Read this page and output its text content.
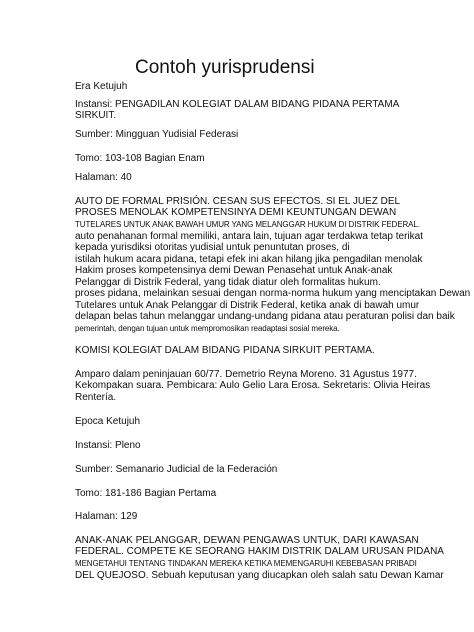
Contoh yurisprudensi
Era Ketujuh
Instansi: PENGADILAN KOLEGIAT DALAM BIDANG PIDANA PERTAMA
SIRKUIT.
Sumber: Mingguan Yudisial Federasi
Tomo: 103-108 Bagian Enam
Halaman: 40
AUTO DE FORMAL PRISIÓN. CESAN SUS EFECTOS. SI EL JUEZ DEL
PROSES MENOLAK KOMPETENSINYA DEMI KEUNTUNGAN DEWAN
TUTELARES UNTUK ANAK BAWAH UMUR YANG MELANGGAR HUKUM DI DISTRIK FEDERAL.
auto penahanan formal memiliki, antara lain, tujuan agar terdakwa tetap terikat
kepada yurisdiksi otoritas yudisial untuk penuntutan proses, di
istilah hukum acara pidana, tetapi efek ini akan hilang jika pengadilan menolak
Hakim proses kompetensinya demi Dewan Penasehat untuk Anak-anak
Pelanggar di Distrik Federal, yang tidak diatur oleh formalitas hukum.
proses pidana, melainkan sesuai dengan norma-norma hukum yang menciptakan Dewan
Tutelares untuk Anak Pelanggar di Distrik Federal, ketika anak di bawah umur
delapan belas tahun melanggar undang-undang pidana atau peraturan polisi dan baik
pemerintah, dengan tujuan untuk mempromosikan readaptasi sosial mereka.
KOMISI KOLEGIAT DALAM BIDANG PIDANA SIRKUIT PERTAMA.
Amparo dalam peninjauan 60/77. Demetrio Reyna Moreno. 31 Agustus 1977.
Kekompakan suara. Pembicara: Aulo Gelio Lara Erosa. Sekretaris: Olivia Heiras
Rentería.
Epoca Ketujuh
Instansi: Pleno
Sumber: Semanario Judicial de la Federación
Tomo: 181-186 Bagian Pertama
Halaman: 129
ANAK-ANAK PELANGGAR, DEWAN PENGAWAS UNTUK, DARI KAWASAN
FEDERAL. COMPETE KE SEORANG HAKIM DISTRIK DALAM URUSAN PIDANA
MENGETAHUI TENTANG TINDAKAN MEREKA KETIKA MEMENGARUHI KEBEBASAN PRIBADI
DEL QUEJOSO. Sebuah keputusan yang diucapkan oleh salah satu Dewan Kamar
